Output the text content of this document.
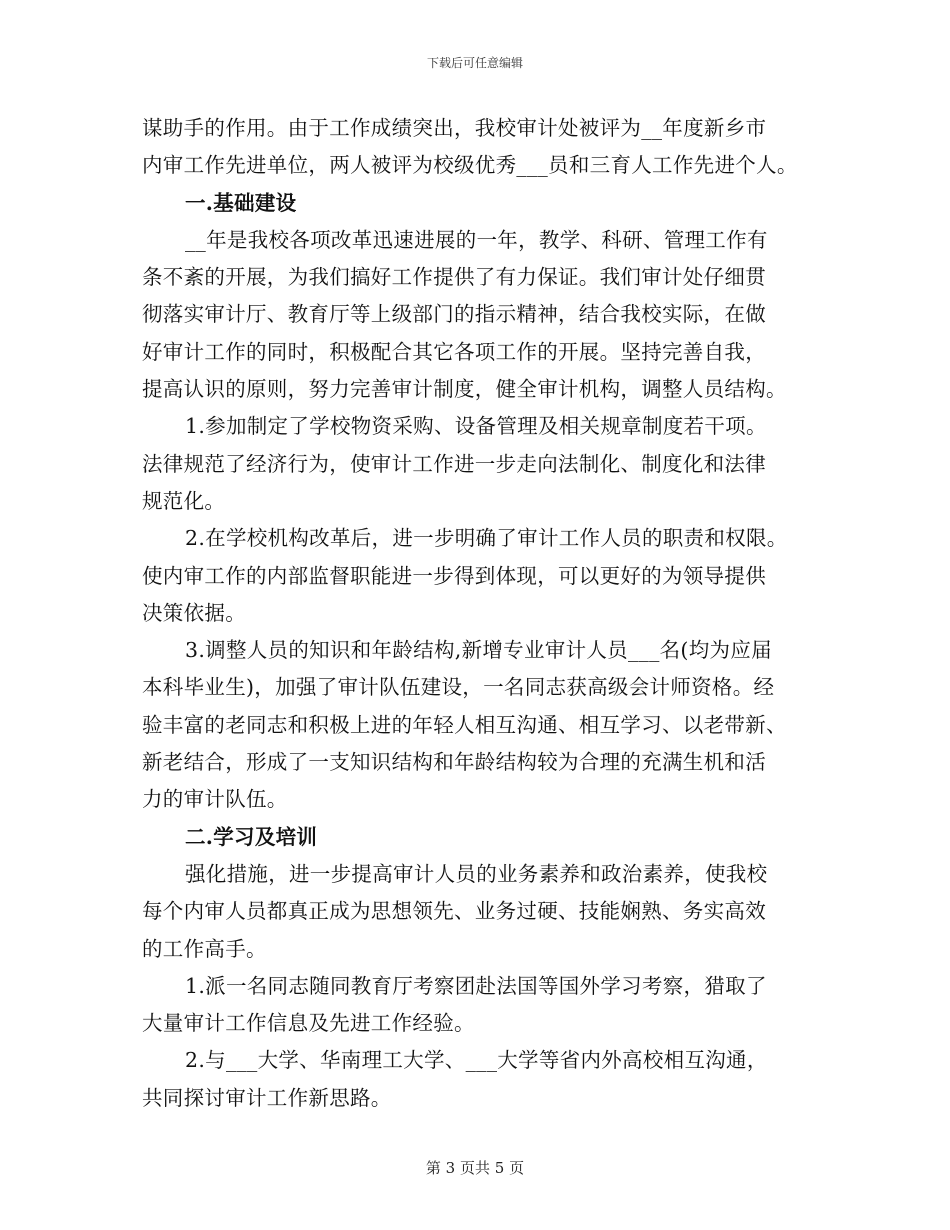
下载后可任意编辑
谋助手的作用。由于工作成绩突出，我校审计处被评为__年度新乡市
内审工作先进单位，两人被评为校级优秀___员和三育人工作先进个人。
一.基础建设
__年是我校各项改革迅速进展的一年，教学、科研、管理工作有
条不紊的开展，为我们搞好工作提供了有力保证。我们审计处仔细贯
彻落实审计厅、教育厅等上级部门的指示精神，结合我校实际，在做
好审计工作的同时，积极配合其它各项工作的开展。坚持完善自我，
提高认识的原则，努力完善审计制度，健全审计机构，调整人员结构。
1.参加制定了学校物资采购、设备管理及相关规章制度若干项。
法律规范了经济行为，使审计工作进一步走向法制化、制度化和法律
规范化。
2.在学校机构改革后，进一步明确了审计工作人员的职责和权限。
使内审工作的内部监督职能进一步得到体现，可以更好的为领导提供
决策依据。
3.调整人员的知识和年龄结构,新增专业审计人员___名(均为应届
本科毕业生)，加强了审计队伍建设，一名同志获高级会计师资格。经
验丰富的老同志和积极上进的年轻人相互沟通、相互学习、以老带新、
新老结合，形成了一支知识结构和年龄结构较为合理的充满生机和活
力的审计队伍。
二.学习及培训
强化措施，进一步提高审计人员的业务素养和政治素养，使我校
每个内审人员都真正成为思想领先、业务过硬、技能娴熟、务实高效
的工作高手。
1.派一名同志随同教育厅考察团赴法国等国外学习考察，猎取了
大量审计工作信息及先进工作经验。
2.与___大学、华南理工大学、___大学等省内外高校相互沟通，
共同探讨审计工作新思路。
第 3 页共 5 页
